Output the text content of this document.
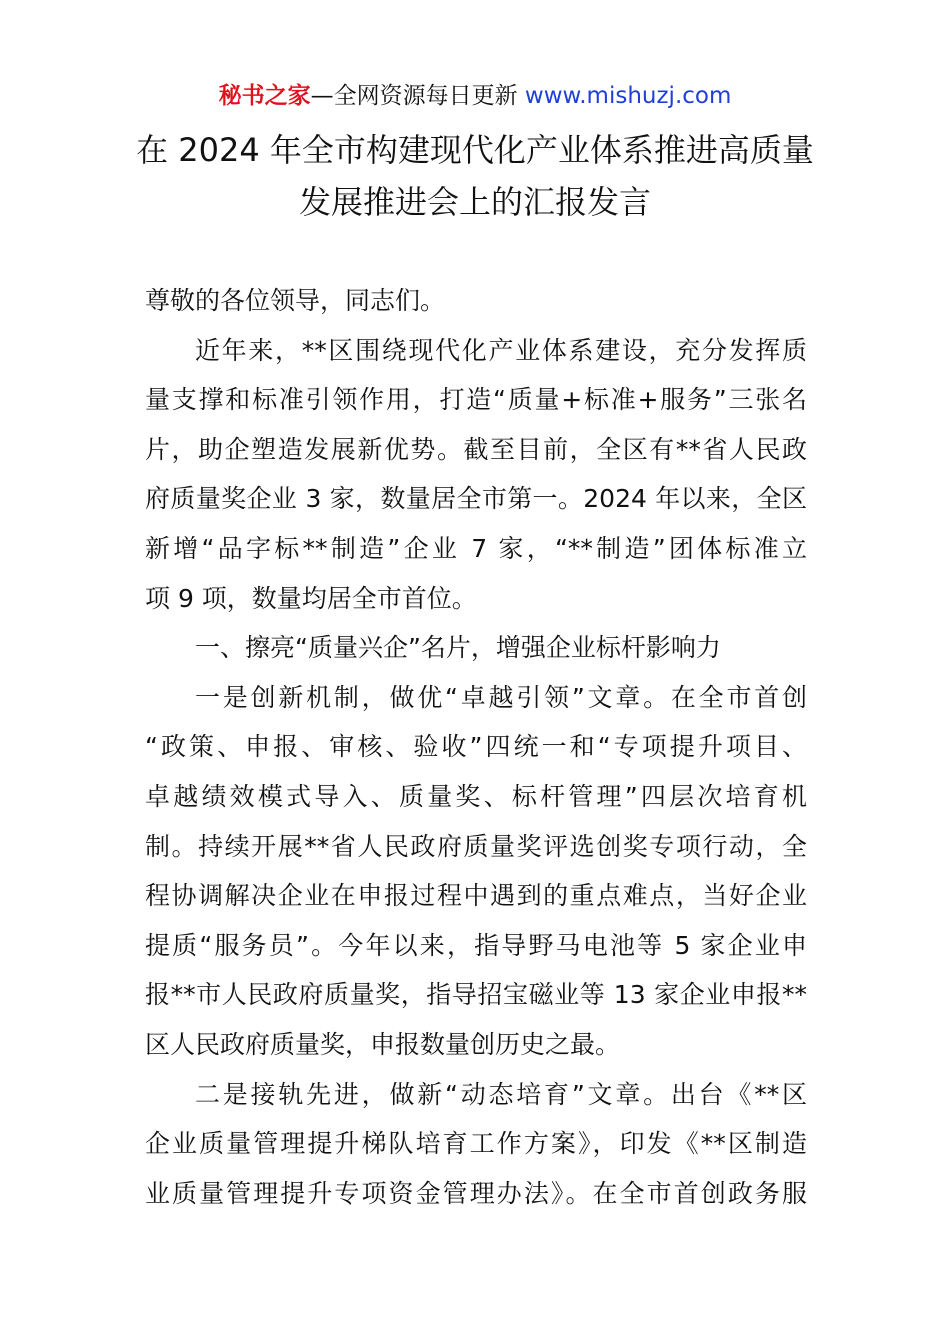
秘书之家—全网资源每日更新 www.mishuzj.com
在 2024 年全市构建现代化产业体系推进高质量
发展推进会上的汇报发言
尊敬的各位领导，同志们。
近年来，**区围绕现代化产业体系建设，充分发挥质
量支撑和标准引领作用，打造“质量+标准+服务”三张名
片，助企塑造发展新优势。截至目前，全区有**省人民政
府质量奖企业 3 家，数量居全市第一。2024 年以来，全区
新增“品字标**制造”企业 7 家，“**制造”团体标准立
项 9 项，数量均居全市首位。
一、擦亮“质量兴企”名片，增强企业标杆影响力
一是创新机制，做优“卓越引领”文章。在全市首创
“政策、申报、审核、验收”四统一和“专项提升项目、
卓越绩效模式导入、质量奖、标杆管理”四层次培育机
制。持续开展**省人民政府质量奖评选创奖专项行动，全
程协调解决企业在申报过程中遇到的重点难点，当好企业
提质“服务员”。今年以来，指导野马电池等 5 家企业申
报**市人民政府质量奖，指导招宝磁业等 13 家企业申报**
区人民政府质量奖，申报数量创历史之最。
二是接轨先进，做新“动态培育”文章。出台《**区
企业质量管理提升梯队培育工作方案》，印发《**区制造
业质量管理提升专项资金管理办法》。在全市首创政务服
